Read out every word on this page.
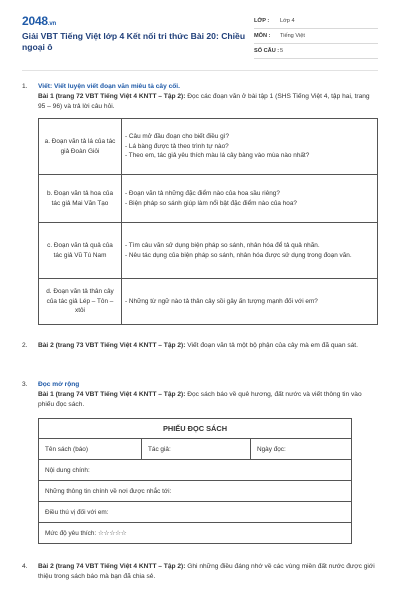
2048.vn
Giải VBT Tiếng Việt lớp 4 Kết nối tri thức Bài 20: Chiều ngoại ô
LỚP : Lớp 4
MÔN : Tiếng Việt
SỐ CÂU : 5
1. Viết: Viết luyện viết đoạn văn miêu tả cây cối.
Bài 1 (trang 72 VBT Tiếng Việt 4 KNTT – Tập 2): Đọc các đoạn văn ở bài tập 1 (SHS Tiếng Việt 4, tập hai, trang 95 – 96) và trả lời câu hỏi.
a. Đoạn văn tả lá của tác giả Đoàn Giỏi	- Câu mở đầu đoạn cho biết điều gì?
- Lá bàng được tả theo trình tự nào?
- Theo em, tác giả yêu thích màu lá cây bàng vào mùa nào nhất?

b. Đoạn văn tả hoa của tác giả Mai Văn Tạo	- Đoạn văn tả những đặc điểm nào của hoa sầu riêng?
- Biện pháp so sánh giúp làm nổi bật đặc điểm nào của hoa?

c. Đoạn văn tả quả của tác giả Vũ Tú Nam	- Tìm câu văn sử dụng biện pháp so sánh, nhân hóa để tả quả nhãn.
- Nêu tác dụng của biện pháp so sánh, nhân hóa được sử dụng trong đoạn văn.

d. Đoạn văn tả thân cây của tác giả Lép – Tôn – xtôi	- Những từ ngữ nào tả thân cây sồi gây ấn tượng mạnh đối với em?
2. Bài 2 (trang 73 VBT Tiếng Việt 4 KNTT – Tập 2): Viết đoạn văn tả một bộ phận của cây mà em đã quan sát.
3. Đọc mở rộng
Bài 1 (trang 74 VBT Tiếng Việt 4 KNTT – Tập 2): Đọc sách báo về quê hương, đất nước và viết thông tin vào phiếu đọc sách.
PHIẾU ĐỌC SÁCH
Tên sách (báo)	Tác giả:	Ngày đọc:
Nội dung chính:
Những thông tin chính về nơi được nhắc tới:
Điều thú vị đối với em:
Mức độ yêu thích: ☆☆☆☆☆
4. Bài 2 (trang 74 VBT Tiếng Việt 4 KNTT – Tập 2): Ghi những điều đáng nhớ về các vùng miền đất nước được giới thiệu trong sách báo mà bạn đã chia sẻ.
